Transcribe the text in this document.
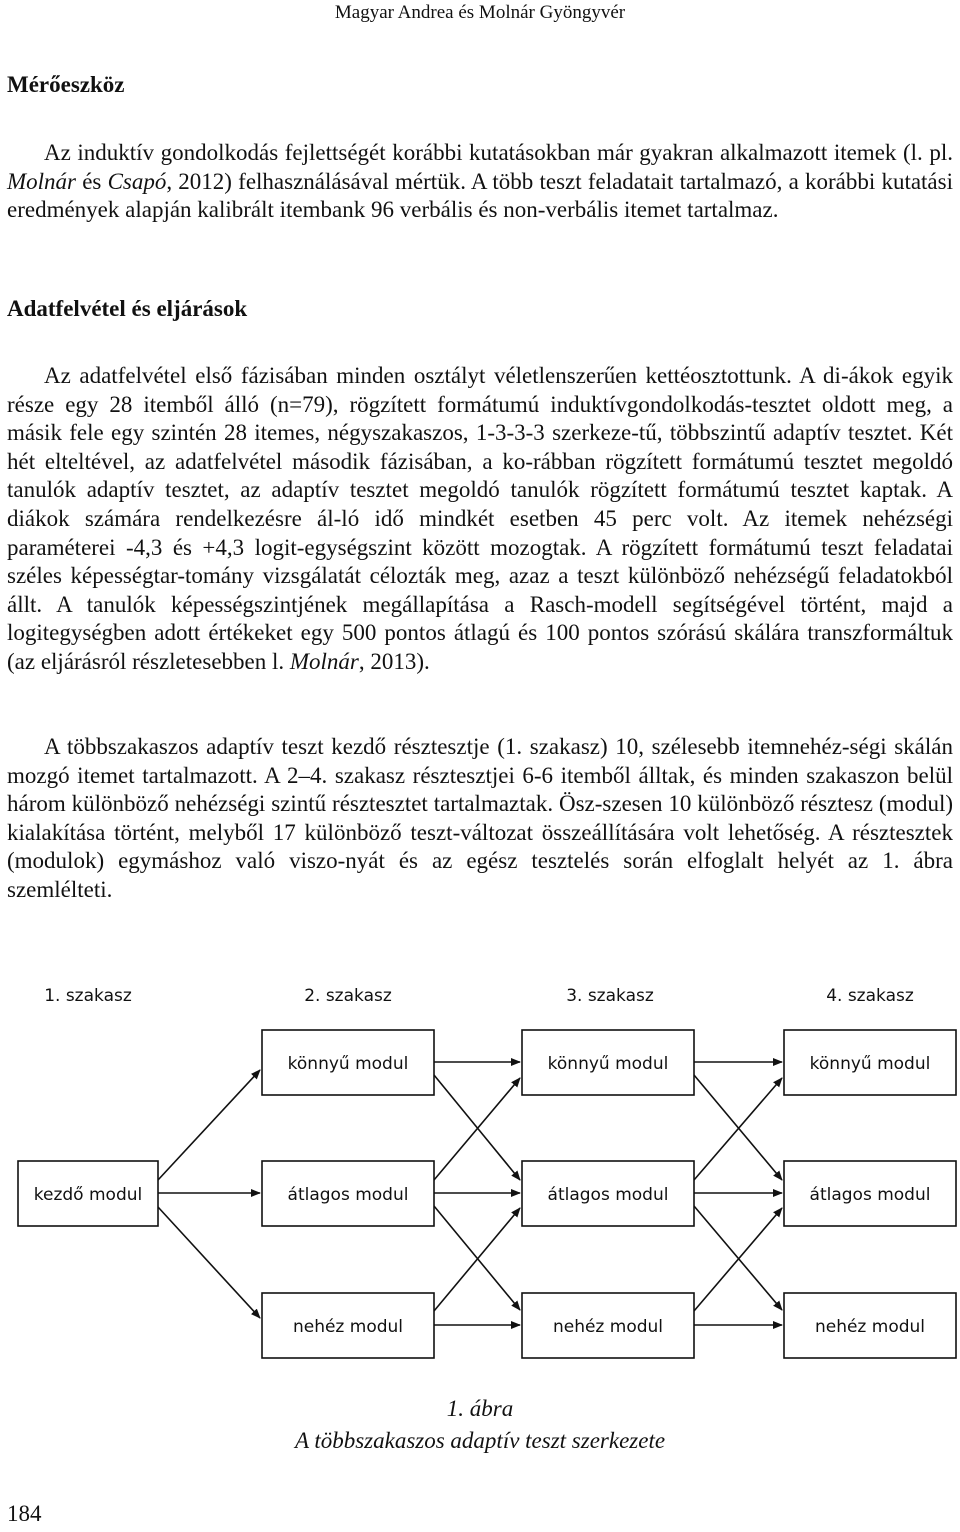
Magyar Andrea és Molnár Gyöngyvér
Mérőeszköz

Az induktív gondolkodás fejlettségét korábbi kutatásokban már gyakran alkalmazott itemek (l. pl. Molnár és Csapó, 2012) felhasználásával mértük. A több teszt feladatait tartalmazó, a korábbi kutatási eredmények alapján kalibrált itembank 96 verbális és non-verbális itemet tartalmaz.

Adatfelvétel és eljárások

Az adatfelvétel első fázisában minden osztályt véletlenszerűen kettéosztottunk. A di-ákok egyik része egy 28 itemből álló (n=79), rögzített formátumú induktívgondolkodás-tesztet oldott meg, a másik fele egy szintén 28 itemes, négyszakaszos, 1-3-3-3 szerkeze-tű, többszintű adaptív tesztet. Két hét elteltével, az adatfelvétel második fázisában, a ko-rábban rögzített formátumú tesztet megoldó tanulók adaptív tesztet, az adaptív tesztet megoldó tanulók rögzített formátumú tesztet kaptak. A diákok számára rendelkezésre ál-ló idő mindkét esetben 45 perc volt. Az itemek nehézségi paraméterei -4,3 és +4,3 logit-egységszint között mozogtak. A rögzített formátumú teszt feladatai széles képességtar-tomány vizsgálatát célozták meg, azaz a teszt különböző nehézségű feladatokból állt. A tanulók képességszintjének megállapítása a Rasch-modell segítségével történt, majd a logitegységben adott értékeket egy 500 pontos átlagú és 100 pontos szórású skálára transzformáltuk (az eljárásról részletesebben l. Molnár, 2013).

A többszakaszos adaptív teszt kezdő résztesztje (1. szakasz) 10, szélesebb itemnehéz-ségi skálán mozgó itemet tartalmazott. A 2–4. szakasz résztesztjei 6-6 itemből álltak, és minden szakaszon belül három különböző nehézségi szintű résztesztet tartalmaztak. Ösz-szesen 10 különböző résztesz (modul) kialakítása történt, melyből 17 különböző teszt-változat összeállítására volt lehetőség. A résztesztek (modulok) egymáshoz való viszo-nyát és az egész tesztelés során elfoglalt helyét az 1. ábra szemlélteti.

1. szakasz	2. szakasz	3. szakasz	4. szakasz
kezdő modul
könnyű modul
átlagos modul
nehéz modul
könnyű modul
átlagos modul
nehéz modul
könnyű modul
átlagos modul
nehéz modul
1. ábra
A többszakaszos adaptív teszt szerkezete
184
